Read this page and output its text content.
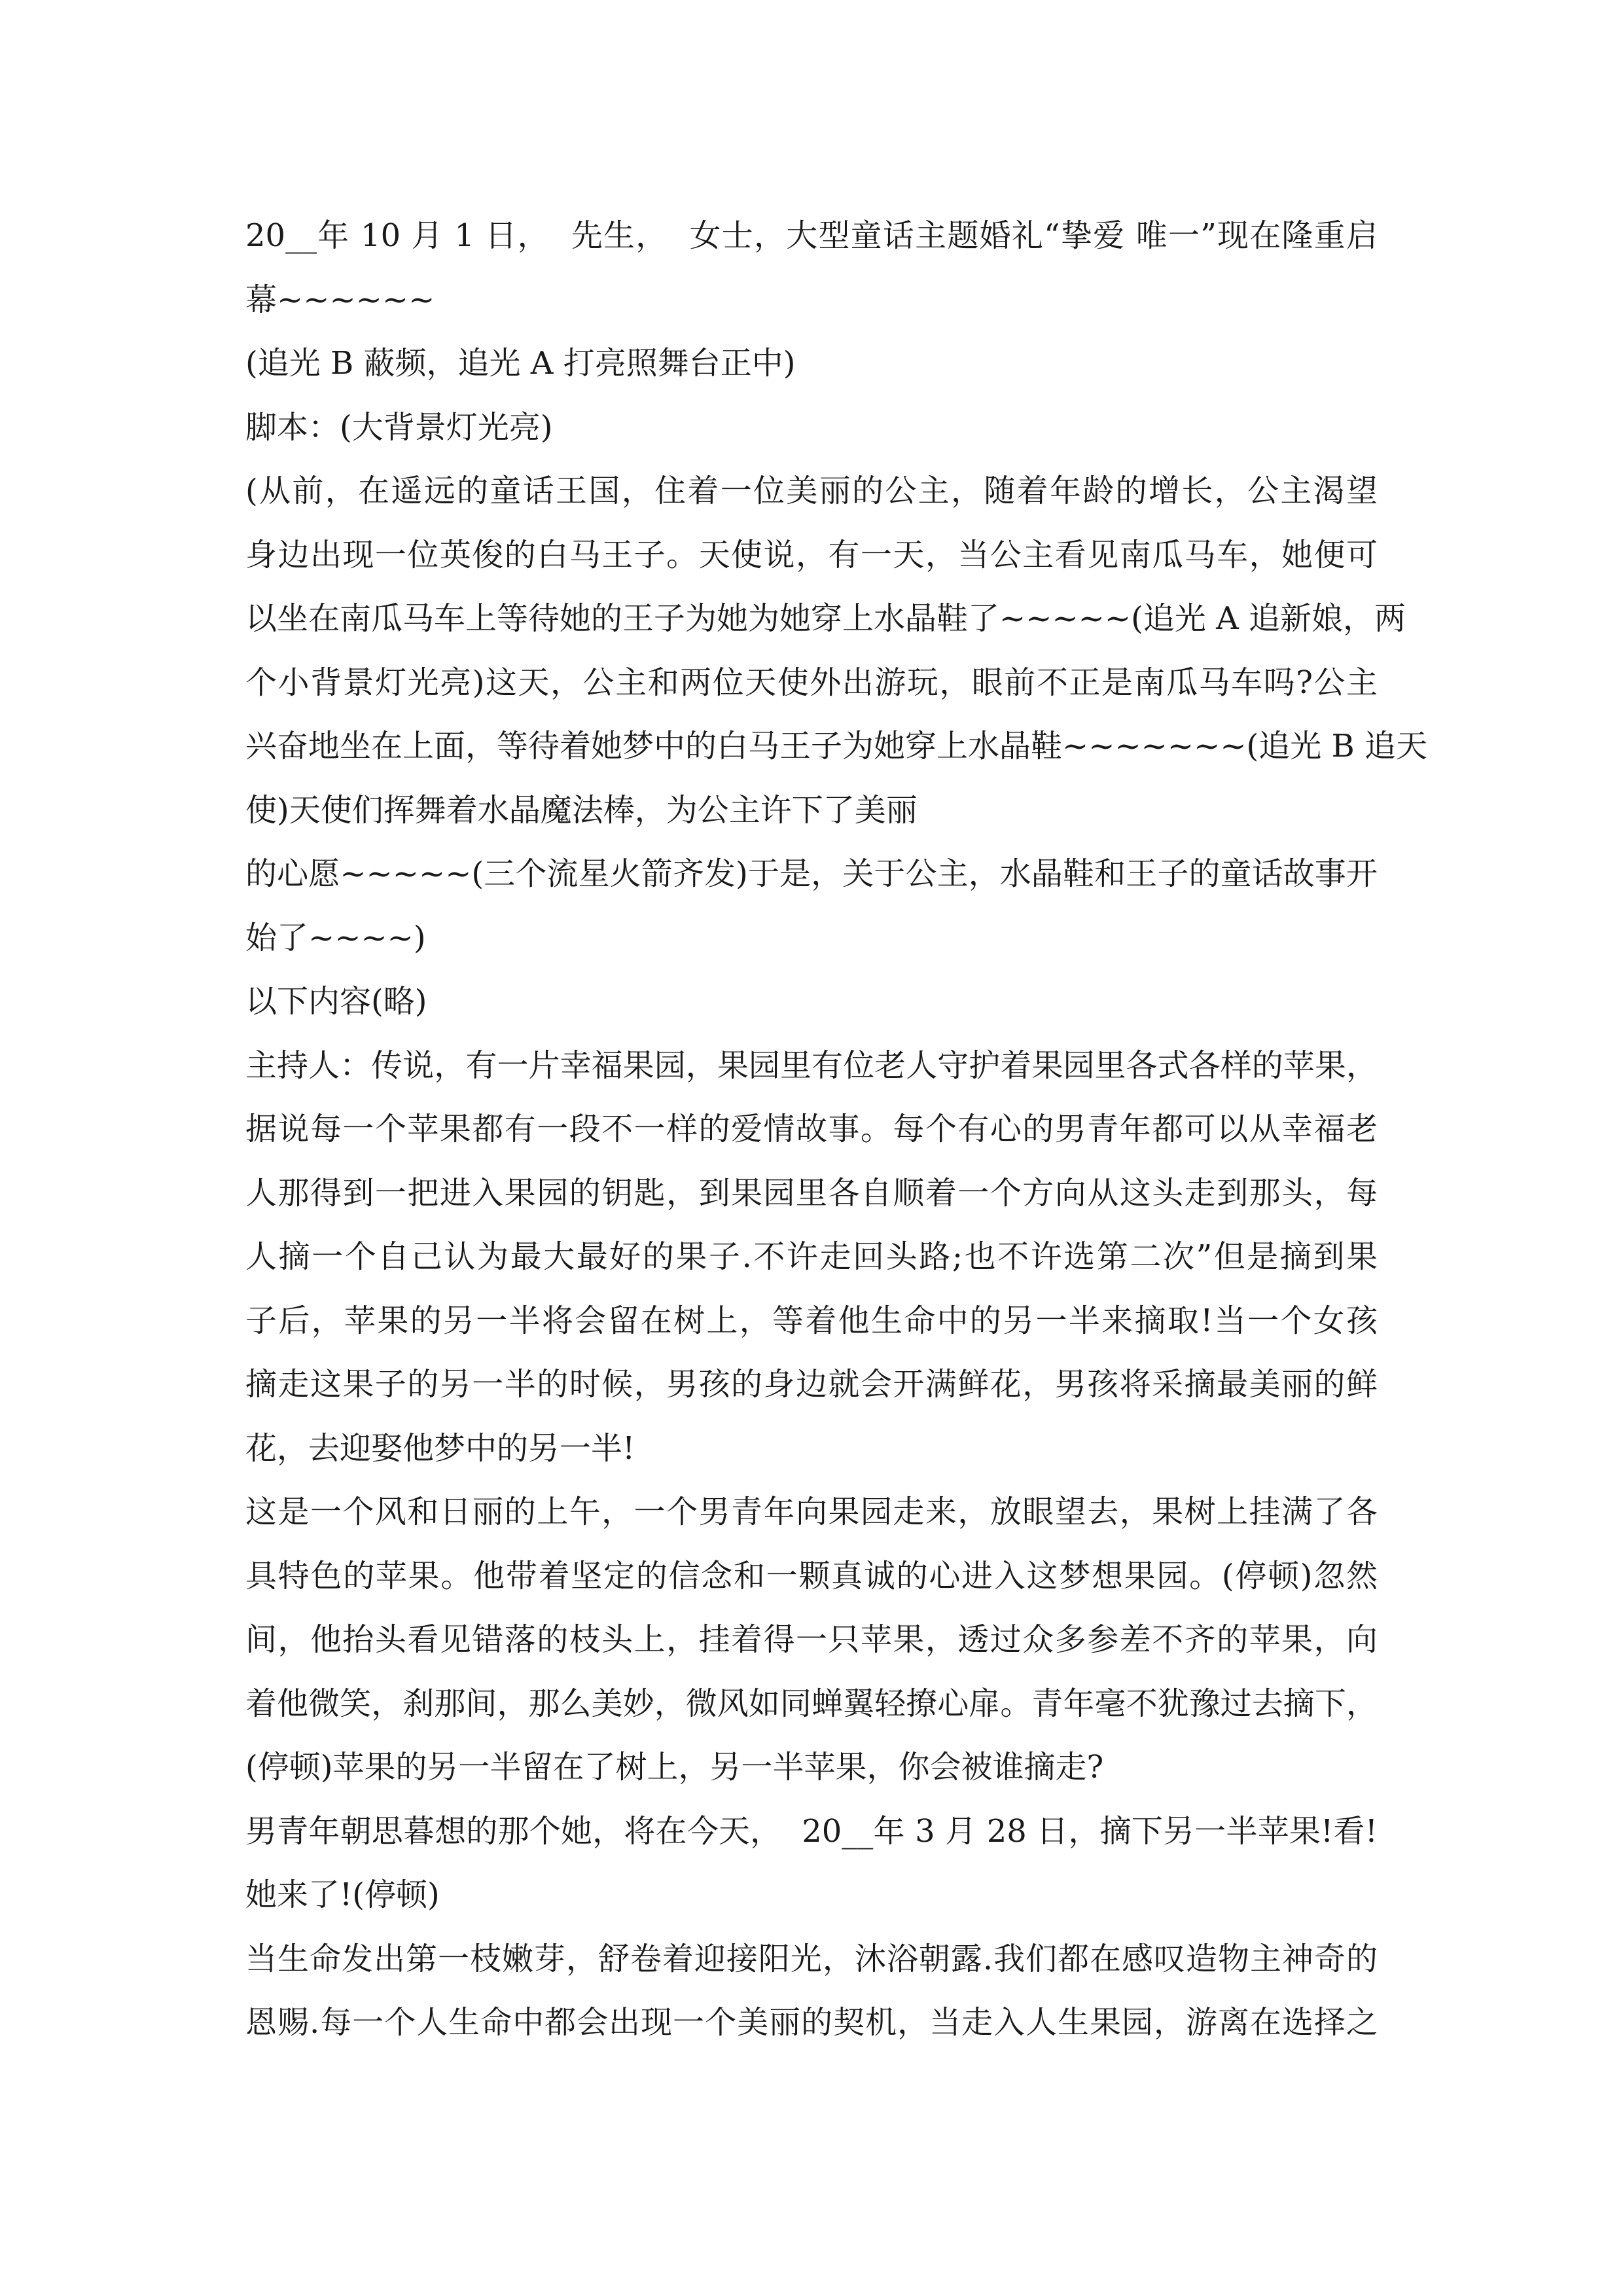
20__年 10 月 1 日，  先生，  女士，大型童话主题婚礼“挚爱 唯一”现在隆重启
幕~~~~~~
(追光 B 蔽频，追光 A 打亮照舞台正中)
脚本：(大背景灯光亮)
(从前，在遥远的童话王国，住着一位美丽的公主，随着年龄的增长，公主渴望
身边出现一位英俊的白马王子。天使说，有一天，当公主看见南瓜马车，她便可
以坐在南瓜马车上等待她的王子为她为她穿上水晶鞋了~~~~~(追光 A 追新娘，两
个小背景灯光亮)这天，公主和两位天使外出游玩，眼前不正是南瓜马车吗?公主
兴奋地坐在上面，等待着她梦中的白马王子为她穿上水晶鞋~~~~~~~(追光 B 追天
使)天使们挥舞着水晶魔法棒，为公主许下了美丽
的心愿~~~~~(三个流星火箭齐发)于是，关于公主，水晶鞋和王子的童话故事开
始了~~~~)
以下内容(略)
主持人：传说，有一片幸福果园，果园里有位老人守护着果园里各式各样的苹果，
据说每一个苹果都有一段不一样的爱情故事。每个有心的男青年都可以从幸福老
人那得到一把进入果园的钥匙，到果园里各自顺着一个方向从这头走到那头，每
人摘一个自己认为最大最好的果子.不许走回头路;也不许选第二次”但是摘到果
子后，苹果的另一半将会留在树上，等着他生命中的另一半来摘取!当一个女孩
摘走这果子的另一半的时候，男孩的身边就会开满鲜花，男孩将采摘最美丽的鲜
花，去迎娶他梦中的另一半!
这是一个风和日丽的上午，一个男青年向果园走来，放眼望去，果树上挂满了各
具特色的苹果。他带着坚定的信念和一颗真诚的心进入这梦想果园。(停顿)忽然
间，他抬头看见错落的枝头上，挂着得一只苹果，透过众多参差不齐的苹果，向
着他微笑，刹那间，那么美妙，微风如同蝉翼轻撩心扉。青年毫不犹豫过去摘下，
(停顿)苹果的另一半留在了树上，另一半苹果，你会被谁摘走?
男青年朝思暮想的那个她，将在今天，  20__年 3 月 28 日，摘下另一半苹果!看!
她来了!(停顿)
当生命发出第一枝嫩芽，舒卷着迎接阳光，沐浴朝露.我们都在感叹造物主神奇的
恩赐.每一个人生命中都会出现一个美丽的契机，当走入人生果园，游离在选择之
